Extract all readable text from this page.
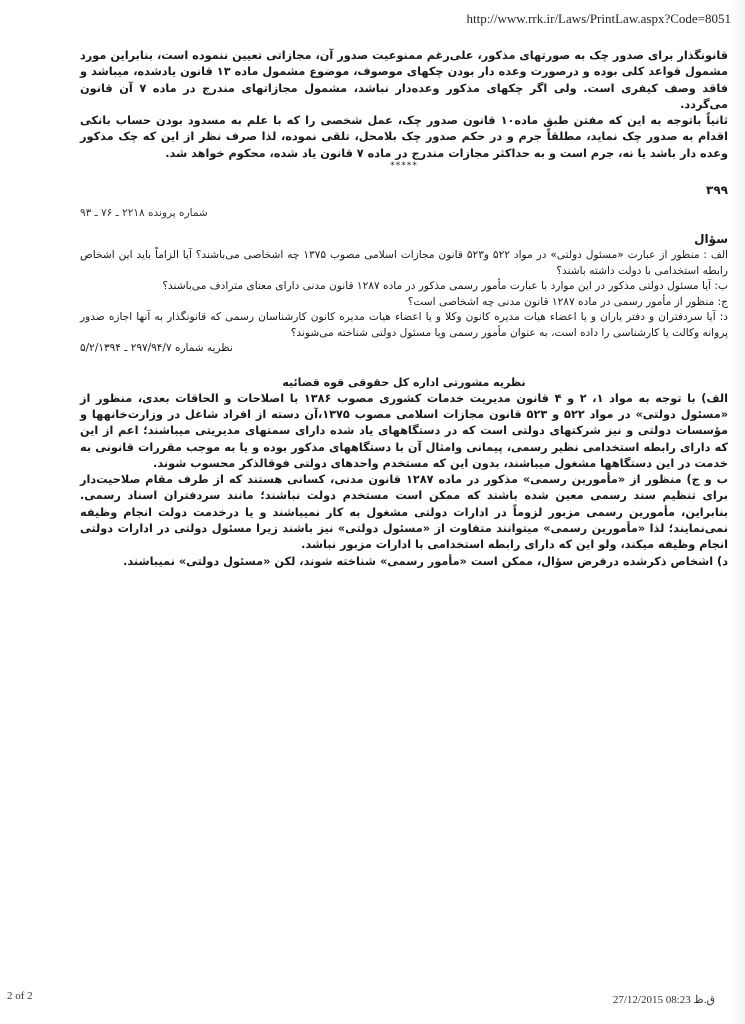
http://www.rrk.ir/Laws/PrintLaw.aspx?Code=8051

قانونگذار برای صدور چک به صورتهای مذکور، علی‌رغم ممنوعیت صدور آن، مجازاتی تعیین ننموده است، بنابراین مورد مشمول قواعد کلی بوده و درصورت وعده دار بودن چکهای موصوف، موضوع مشمول ماده ۱۳ قانون یادشده، میباشد و فاقد وصف کیفری است. ولی اگر چکهای مذکور وعده‌دار نباشد، مشمول مجازاتهای مندرج در ماده ۷ آن قانون می‌گردد.

ثانیاً باتوجه به این که مفتن طبق ماده۱۰ قانون صدور چک، عمل شخصی را که با علم به مسدود بودن حساب بانکی اقدام به صدور چک نماید، مطلقاً جرم و در حکم صدور چک بلامحل، تلقی نموده، لذا صرف نظر از این که چک مذکور وعده دار باشد یا نه، جرم است و به حداکثر مجازات مندرج در ماده ۷ قانون یاد شده، محکوم خواهد شد.

*****

۳۹۹
شماره پرونده ۲۲۱۸ ـ ۷۶ ـ ۹۳
سؤال

الف : منظور از عبارت «مسئول دولتی» در مواد ۵۲۲ و۵۲۳ قانون مجازات اسلامی مصوب ۱۳۷۵ چه اشخاصی می‌باشند؟ آیا الزاماً باید این اشخاص رابطه استخدامی با دولت داشته باشند؟

ب: آیا مسئول دولتی مذکور در این موارد با عبارت مأمور رسمی مذکور در ماده ۱۲۸۷ قانون مدنی دارای معنای مترادف می‌باشند؟

ج: منظور از مأمور رسمی در ماده ۱۲۸۷ قانون مدنی چه اشخاصی است؟

د: آیا سردفتران و دفتر یاران و یا اعضاء هیات مدیره کانون وکلا و یا اعضاء هیات مدیره کانون کارشناسان رسمی که قانونگذار به آنها اجازه صدور پروانه وکالت یا کارشناسی را داده است، به عنوان مأمور رسمی ویا مسئول دولتی شناخته می‌شوند؟

نظریه شماره ۲۹۷/۹۴/۷ ـ ۵/۲/۱۳۹۴
نظریه مشورتی اداره کل حقوقی قوه قضائیه

الف) با توجه به مواد ۱، ۲ و ۴ قانون مدیریت خدمات کشوری مصوب ۱۳۸۶ با اصلاحات و الحاقات بعدی، منظور از «مسئول دولتی» در مواد ۵۲۲ و ۵۲۳ قانون مجازات اسلامی مصوب ۱۳۷۵،آن دسته از افراد شاغل در وزارت‌خانهها و مؤسسات دولتی و نیز شرکتهای دولتی است که در دستگاههای یاد شده دارای سمتهای مدیریتی میباشند؛ اعم از این که دارای رابطه استخدامی نظیر رسمی، پیمانی و‌امثال آن با دستگاههای مذکور بوده و یا به موجب مقررات قانونی به خدمت در این دستگاهها مشغول میباشند، بدون این که مستخدم واحدهای دولتی فوقالذکر محسوب شوند.

ب و ج) منظور از «مأمورین رسمی» مذکور در ماده ۱۲۸۷ قانون مدنی، کسانی هستند که از طرف مقام صلاحیت‌دار برای تنظیم سند رسمی معین شده باشند که ممکن است مستخدم دولت نباشند؛ مانند سردفتران اسناد رسمی. بنابراین، مأمورین رسمی مزبور لزوماً در ادارات دولتی مشغول به کار نمیباشند و یا درخدمت دولت انجام وظیفه نمی‌نمایند؛ لذا «مأمورین رسمی» میتوانند متفاوت از «مسئول دولتی» نیز باشند زیرا مسئول دولتی در ادارات دولتی انجام وظیفه میکند، ولو این که دارای رابطه استخدامی با ادارات مزبور نباشد.

د) اشخاص ذکرشده درفرض سؤال، ممکن است «مأمور رسمی» شناخته شوند، لکن «مسئول دولتی» نمیباشند.

2 of 2	27/12/2015 08:23 ق.ظ
